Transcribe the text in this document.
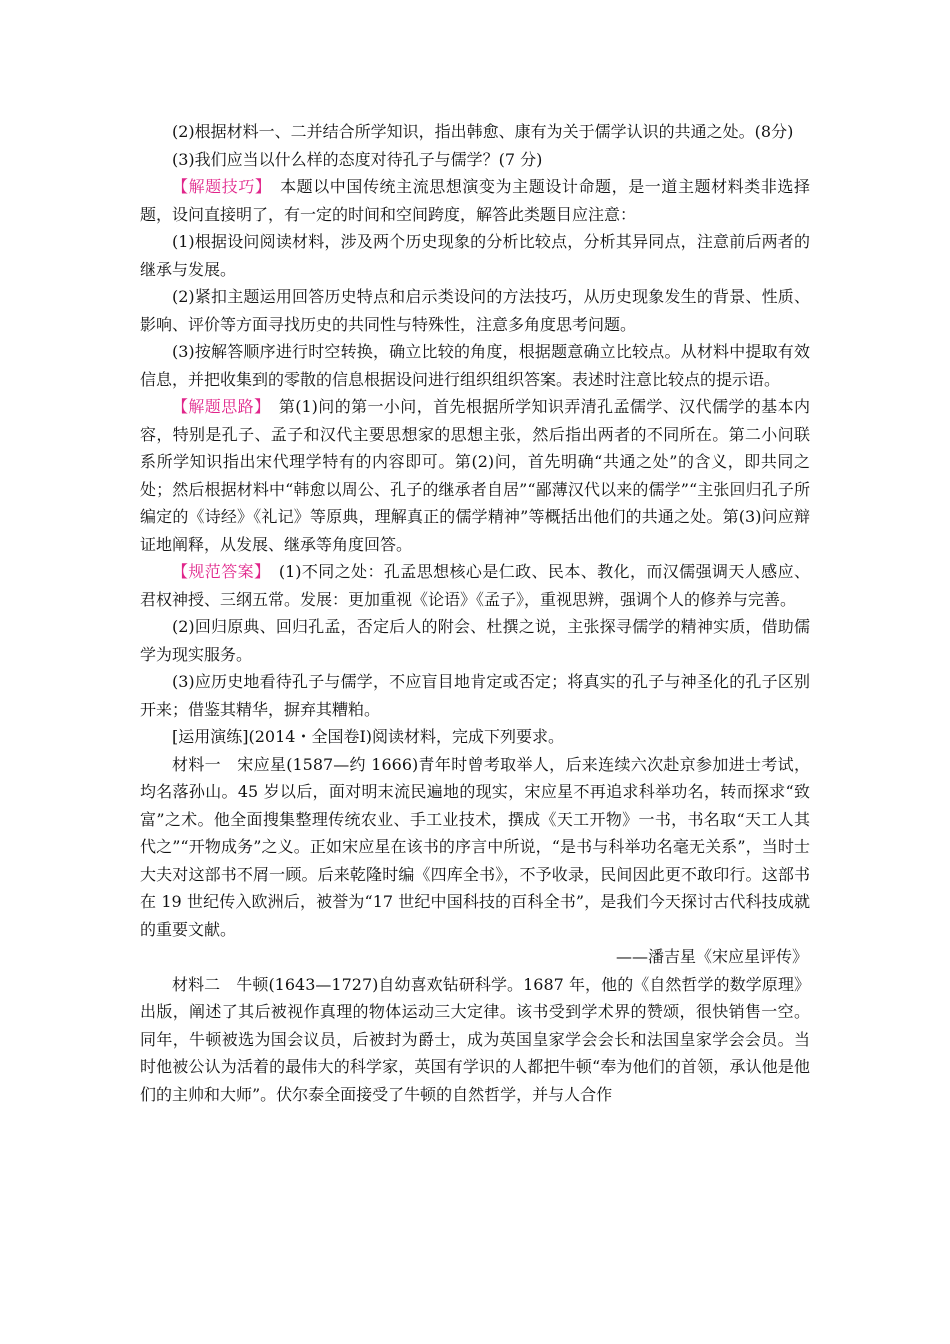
(2)根据材料一、二并结合所学知识，指出韩愈、康有为关于儒学认识的共通之处。(8分)

(3)我们应当以什么样的态度对待孔子与儒学？(7 分)

【解题技巧】　本题以中国传统主流思想演变为主题设计命题，是一道主题材料类非选择题，设问直接明了，有一定的时间和空间跨度，解答此类题目应注意：

(1)根据设问阅读材料，涉及两个历史现象的分析比较点，分析其异同点，注意前后两者的继承与发展。

(2)紧扣主题运用回答历史特点和启示类设问的方法技巧，从历史现象发生的背景、性质、影响、评价等方面寻找历史的共同性与特殊性，注意多角度思考问题。

(3)按解答顺序进行时空转换，确立比较的角度，根据题意确立比较点。从材料中提取有效信息，并把收集到的零散的信息根据设问进行组织组织答案。表述时注意比较点的提示语。

【解题思路】　第(1)问的第一小问，首先根据所学知识弄清孔孟儒学、汉代儒学的基本内容，特别是孔子、孟子和汉代主要思想家的思想主张，然后指出两者的不同所在。第二小问联系所学知识指出宋代理学特有的内容即可。第(2)问，首先明确“共通之处”的含义，即共同之处；然后根据材料中“韩愈以周公、孔子的继承者自居”“鄙薄汉代以来的儒学”“主张回归孔子所编定的《诗经》《礼记》等原典，理解真正的儒学精神”等概括出他们的共通之处。第(3)问应辩证地阐释，从发展、继承等角度回答。

【规范答案】　(1)不同之处：孔孟思想核心是仁政、民本、教化，而汉儒强调天人感应、君权神授、三纲五常。发展：更加重视《论语》《孟子》，重视思辨，强调个人的修养与完善。

(2)回归原典、回归孔孟，否定后人的附会、杜撰之说，主张探寻儒学的精神实质，借助儒学为现实服务。

(3)应历史地看待孔子与儒学，不应盲目地肯定或否定；将真实的孔子与神圣化的孔子区别开来；借鉴其精华，摒弃其糟粕。

[运用演练](2014・全国卷Ⅰ)阅读材料，完成下列要求。

材料一　宋应星(1587—约 1666)青年时曾考取举人，后来连续六次赴京参加进士考试，均名落孙山。45 岁以后，面对明末流民遍地的现实，宋应星不再追求科举功名，转而探求“致富”之术。他全面搜集整理传统农业、手工业技术，撰成《天工开物》一书，书名取“天工人其代之”“开物成务”之义。正如宋应星在该书的序言中所说，“是书与科举功名毫无关系”，当时士大夫对这部书不屑一顾。后来乾隆时编《四库全书》，不予收录，民间因此更不敢印行。这部书在 19 世纪传入欧洲后，被誉为“17 世纪中国科技的百科全书”，是我们今天探讨古代科技成就的重要文献。

——潘吉星《宋应星评传》

材料二　牛顿(1643—1727)自幼喜欢钻研科学。1687 年，他的《自然哲学的数学原理》出版，阐述了其后被视作真理的物体运动三大定律。该书受到学术界的赞颂，很快销售一空。同年，牛顿被选为国会议员，后被封为爵士，成为英国皇家学会会长和法国皇家学会会员。当时他被公认为活着的最伟大的科学家，英国有学识的人都把牛顿“奉为他们的首领，承认他是他们的主帅和大师”。伏尔泰全面接受了牛顿的自然哲学，并与人合作
